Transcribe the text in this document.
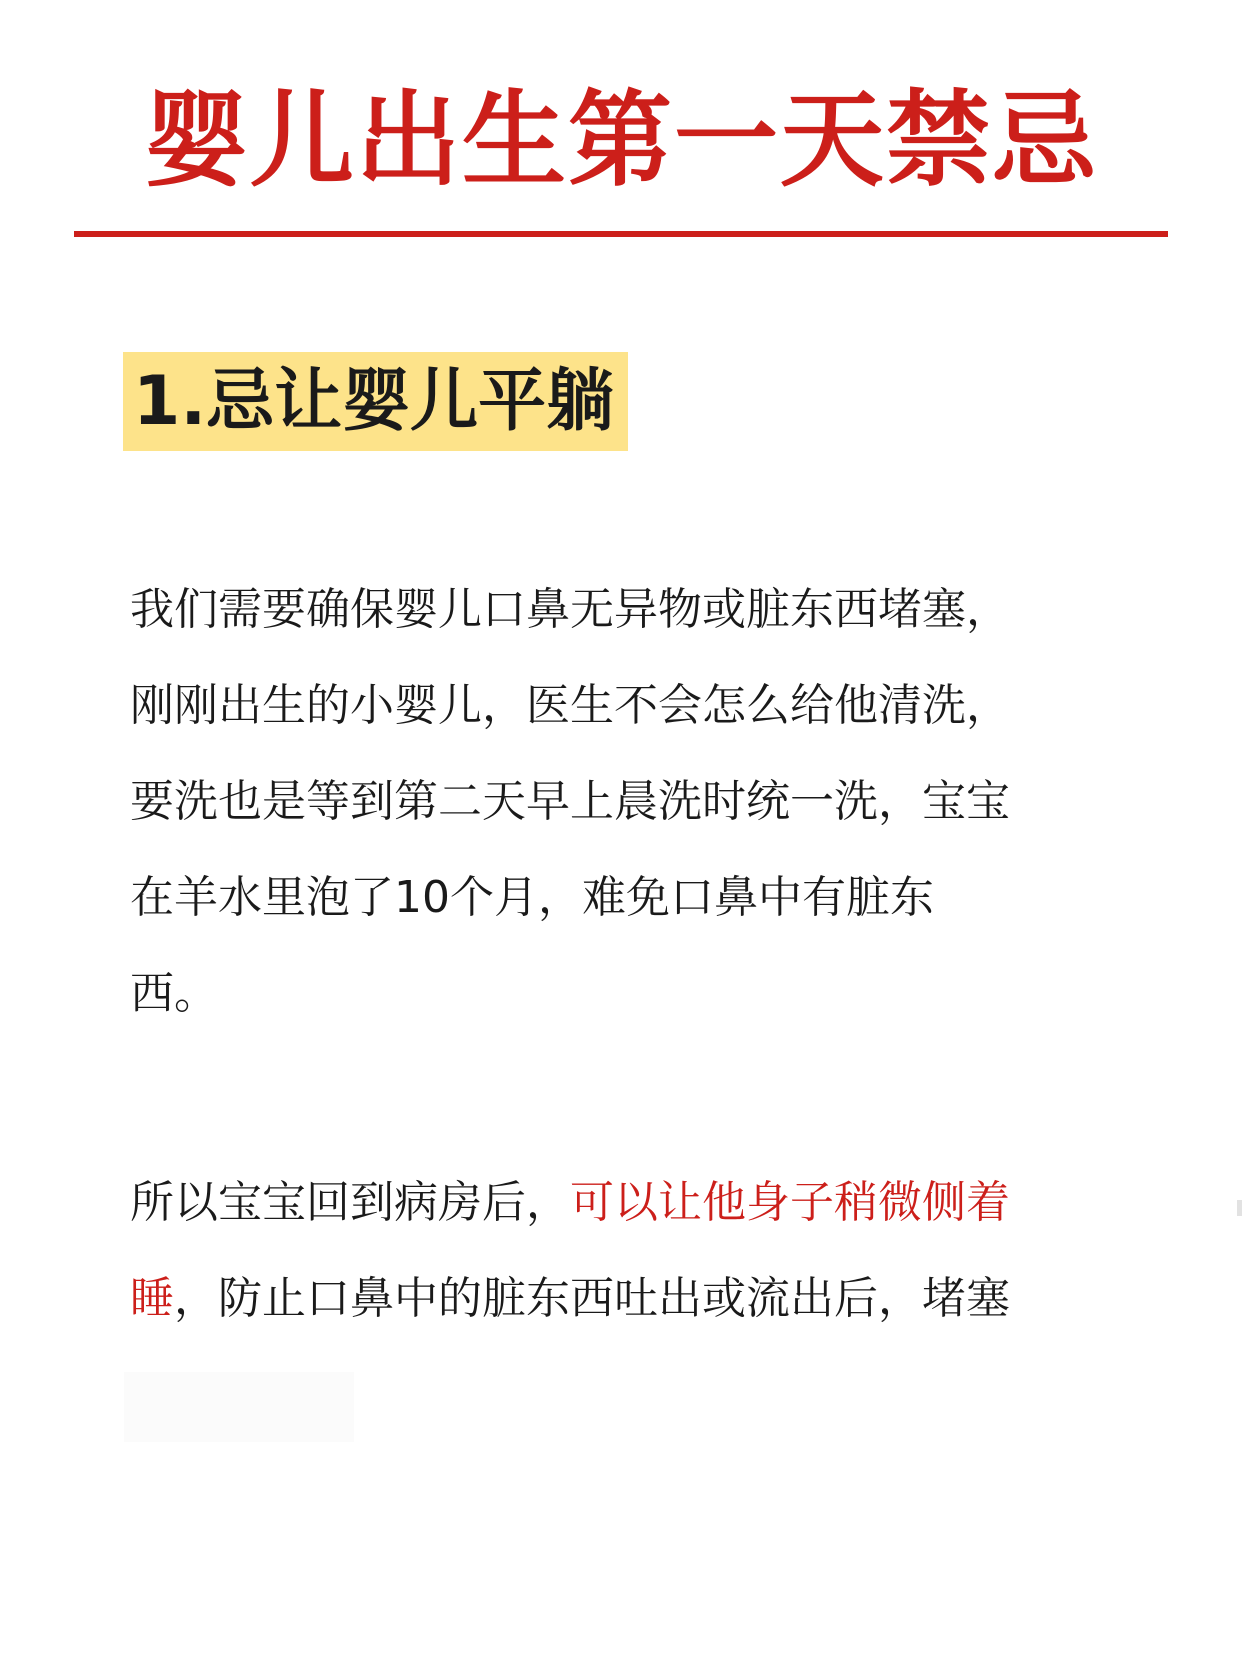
婴儿出生第一天禁忌
1.忌让婴儿平躺
我们需要确保婴儿口鼻无异物或脏东西堵塞，
刚刚出生的小婴儿，医生不会怎么给他清洗，
要洗也是等到第二天早上晨洗时统一洗，宝宝
在羊水里泡了10个月，难免口鼻中有脏东
西。
所以宝宝回到病房后，可以让他身子稍微侧着
睡，防止口鼻中的脏东西吐出或流出后，堵塞
